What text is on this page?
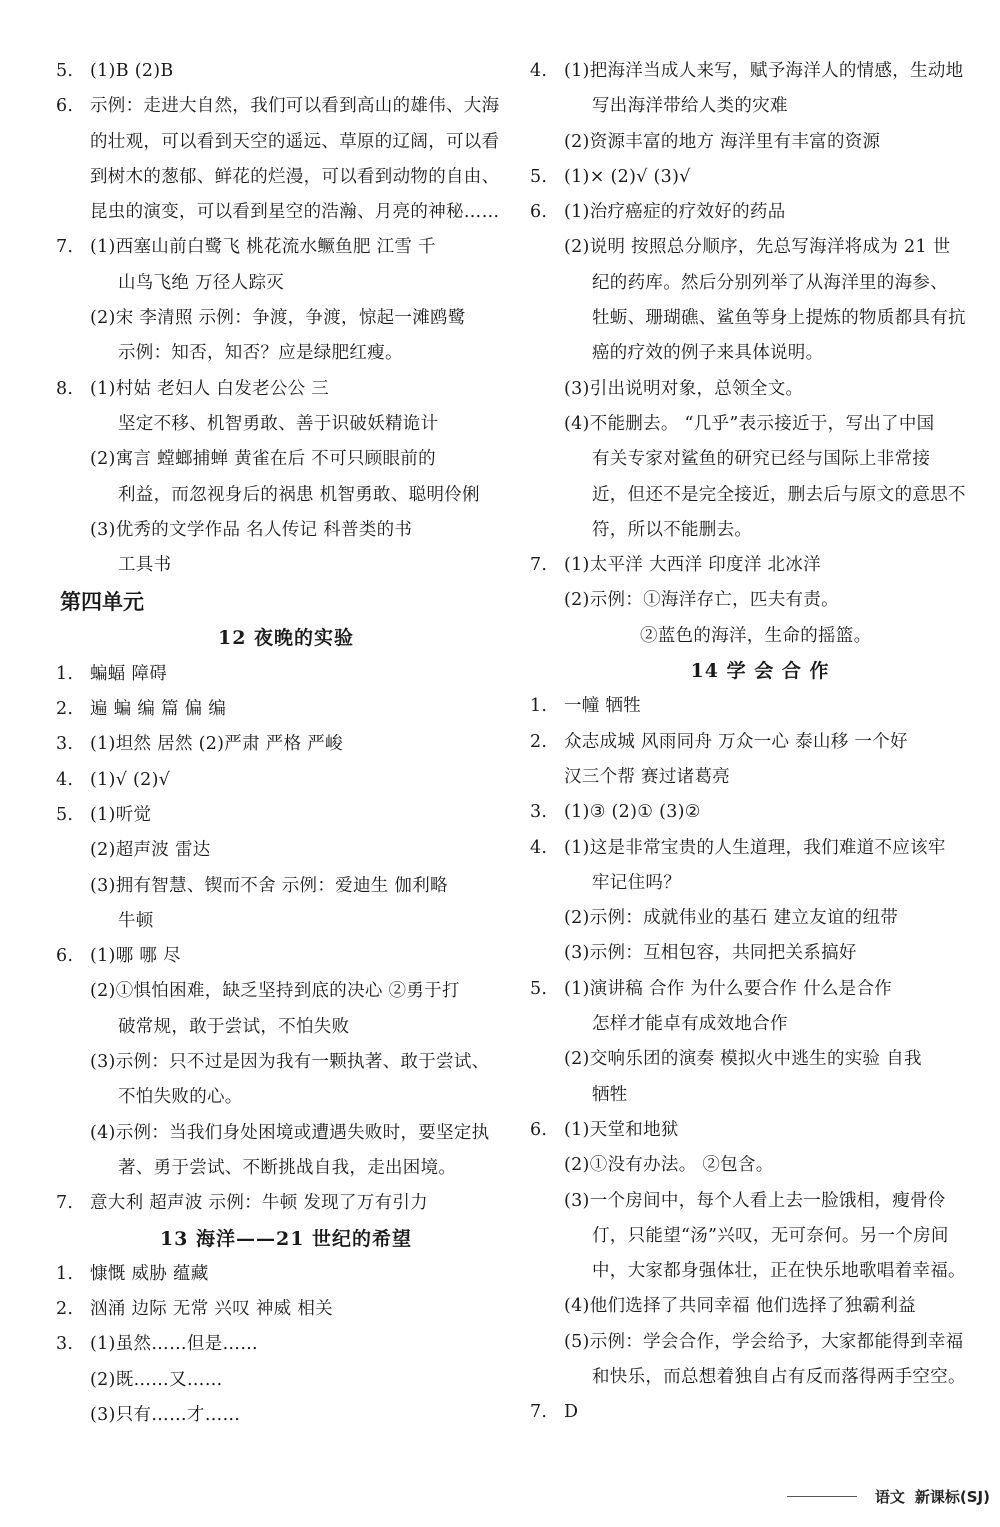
5. (1)B (2)B
6. 示例：走进大自然，我们可以看到高山的雄伟、大海
的壮观，可以看到天空的遥远、草原的辽阔，可以看
到树木的葱郁、鲜花的烂漫，可以看到动物的自由、
昆虫的演变，可以看到星空的浩瀚、月亮的神秘……
7. (1)西塞山前白鹭飞 桃花流水鳜鱼肥 江雪 千
山鸟飞绝 万径人踪灭
(2)宋 李清照 示例：争渡，争渡，惊起一滩鸥鹭
示例：知否，知否？应是绿肥红瘦。
8. (1)村姑 老妇人 白发老公公 三
坚定不移、机智勇敢、善于识破妖精诡计
(2)寓言 螳螂捕蝉 黄雀在后 不可只顾眼前的
利益，而忽视身后的祸患 机智勇敢、聪明伶俐
(3)优秀的文学作品 名人传记 科普类的书
工具书
第四单元
12 夜晚的实验
1. 蝙蝠 障碍
2. 遍 蝙 编 篇 偏 编
3. (1)坦然 居然 (2)严肃 严格 严峻
4. (1)√ (2)√
5. (1)听觉
(2)超声波 雷达
(3)拥有智慧、锲而不舍 示例：爱迪生 伽利略
牛顿
6. (1)哪 哪 尽
(2)①惧怕困难，缺乏坚持到底的决心 ②勇于打
破常规，敢于尝试，不怕失败
(3)示例：只不过是因为我有一颗执著、敢于尝试、
不怕失败的心。
(4)示例：当我们身处困境或遭遇失败时，要坚定执
著、勇于尝试、不断挑战自我，走出困境。
7. 意大利 超声波 示例：牛顿 发现了万有引力
13 海洋——21 世纪的希望
1. 慷慨 威胁 蕴藏
2. 汹涌 边际 无常 兴叹 神威 相关
3. (1)虽然……但是……
(2)既……又……
(3)只有……才……
4. (1)把海洋当成人来写，赋予海洋人的情感，生动地
写出海洋带给人类的灾难
(2)资源丰富的地方 海洋里有丰富的资源
5. (1)× (2)√ (3)√
6. (1)治疗癌症的疗效好的药品
(2)说明 按照总分顺序，先总写海洋将成为 21 世
纪的药库。然后分别列举了从海洋里的海参、
牡蛎、珊瑚礁、鲨鱼等身上提炼的物质都具有抗
癌的疗效的例子来具体说明。
(3)引出说明对象，总领全文。
(4)不能删去。 “几乎”表示接近于，写出了中国
有关专家对鲨鱼的研究已经与国际上非常接
近，但还不是完全接近，删去后与原文的意思不
符，所以不能删去。
7. (1)太平洋 大西洋 印度洋 北冰洋
(2)示例：①海洋存亡，匹夫有责。
②蓝色的海洋，生命的摇篮。
14 学 会 合 作
1. 一幢 牺牲
2. 众志成城 风雨同舟 万众一心 泰山移 一个好
汉三个帮 赛过诸葛亮
3. (1)③ (2)① (3)②
4. (1)这是非常宝贵的人生道理，我们难道不应该牢
牢记住吗？
(2)示例：成就伟业的基石 建立友谊的纽带
(3)示例：互相包容，共同把关系搞好
5. (1)演讲稿 合作 为什么要合作 什么是合作
怎样才能卓有成效地合作
(2)交响乐团的演奏 模拟火中逃生的实验 自我
牺牲
6. (1)天堂和地狱
(2)①没有办法。 ②包含。
(3)一个房间中，每个人看上去一脸饿相，瘦骨伶
仃，只能望“汤”兴叹，无可奈何。另一个房间
中，大家都身强体壮，正在快乐地歌唱着幸福。
(4)他们选择了共同幸福 他们选择了独霸利益
(5)示例：学会合作，学会给予，大家都能得到幸福
和快乐，而总想着独自占有反而落得两手空空。
7. D
语文 新课标(SJ)
